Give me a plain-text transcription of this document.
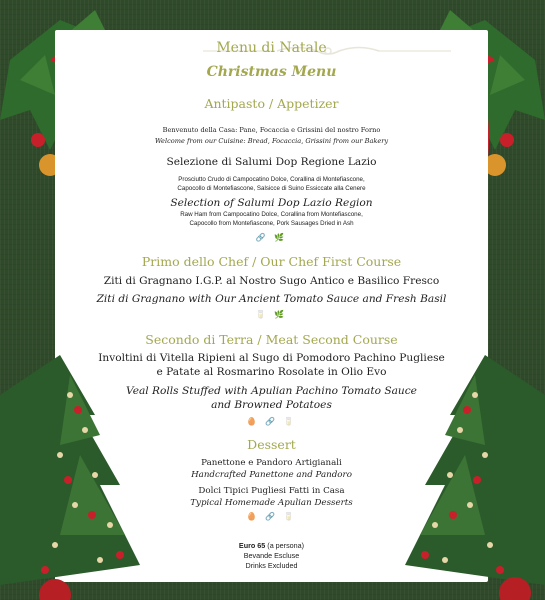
Menu di Natale
Christmas Menu
Antipasto / Appetizer
Benvenuto della Casa: Pane, Focaccia e Grissini del nostro Forno
Welcome from our Cuisine: Bread, Focaccia, Grissini from our Bakery
Selezione di Salumi Dop Regione Lazio
Prosciutto Crudo di Campocatino Dolce, Corallina di Montefiascone,
Capocollo di Montefiascone, Salsicce di Suino Essiccate alla Cenere
Selection of Salumi Dop Lazio Region
Raw Ham from Campocatino Dolce, Corallina from Montefiascone,
Capocollo from Montefiascone, Pork Sausages Dried in Ash
🔗 🌿
Primo dello Chef / Our Chef First Course
Ziti di Gragnano I.G.P. al Nostro Sugo Antico e Basilico Fresco
Ziti di Gragnano with Our Ancient Tomato Sauce and Fresh Basil
🥛 🌿
Secondo di Terra / Meat Second Course
Involtini di Vitella Ripieni al Sugo di Pomodoro Pachino Pugliese
e Patate al Rosmarino Rosolate in Olio Evo
Veal Rolls Stuffed with Apulian Pachino Tomato Sauce
and Browned Potatoes
🥚 🔗 🥛
Dessert
Panettone e Pandoro Artigianali
Handcrafted Panettone and Pandoro
Dolci Tipici Pugliesi Fatti in Casa
Typical Homemade Apulian Desserts
🥚 🔗 🥛
Euro 65 (a persona)
Bevande Escluse
Drinks Excluded
